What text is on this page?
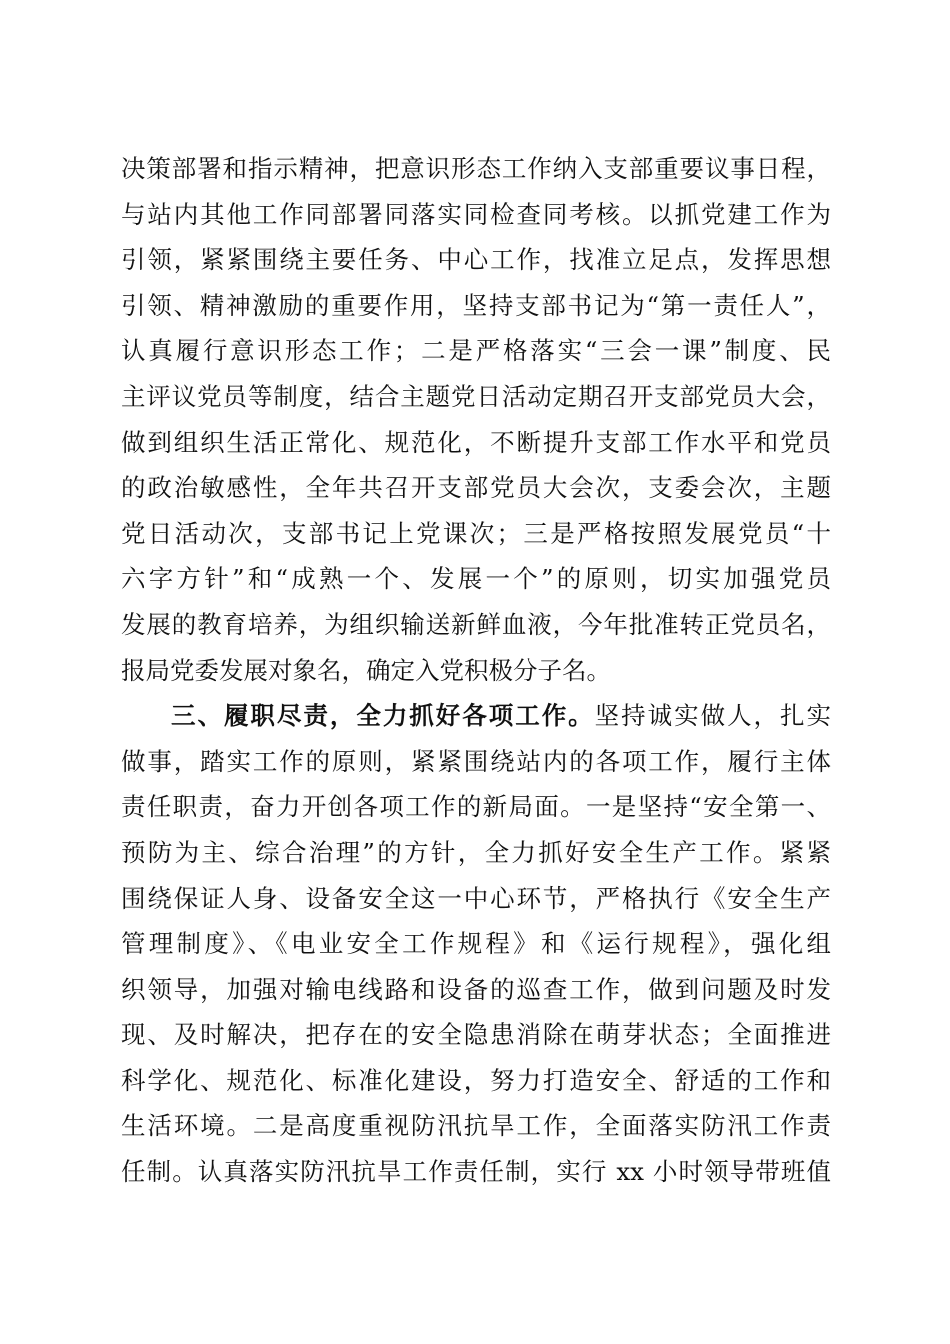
决策部署和指示精神，把意识形态工作纳入支部重要议事日程，
与站内其他工作同部署同落实同检查同考核。以抓党建工作为
引领，紧紧围绕主要任务、中心工作，找准立足点，发挥思想
引领、精神激励的重要作用，坚持支部书记为“第一责任人”，
认真履行意识形态工作；二是严格落实“三会一课”制度、民
主评议党员等制度，结合主题党日活动定期召开支部党员大会，
做到组织生活正常化、规范化，不断提升支部工作水平和党员
的政治敏感性，全年共召开支部党员大会次，支委会次，主题
党日活动次，支部书记上党课次；三是严格按照发展党员“十
六字方针”和“成熟一个、发展一个”的原则，切实加强党员
发展的教育培养，为组织输送新鲜血液，今年批准转正党员名，
报局党委发展对象名，确定入党积极分子名。
三、履职尽责，全力抓好各项工作。坚持诚实做人，扎实
做事，踏实工作的原则，紧紧围绕站内的各项工作，履行主体
责任职责，奋力开创各项工作的新局面。一是坚持“安全第一、
预防为主、综合治理”的方针，全力抓好安全生产工作。紧紧
围绕保证人身、设备安全这一中心环节，严格执行《安全生产
管理制度》、《电业安全工作规程》和《运行规程》，强化组
织领导，加强对输电线路和设备的巡查工作，做到问题及时发
现、及时解决，把存在的安全隐患消除在萌芽状态；全面推进
科学化、规范化、标准化建设，努力打造安全、舒适的工作和
生活环境。二是高度重视防汛抗旱工作，全面落实防汛工作责
任制。认真落实防汛抗旱工作责任制，实行 xx 小时领导带班值
